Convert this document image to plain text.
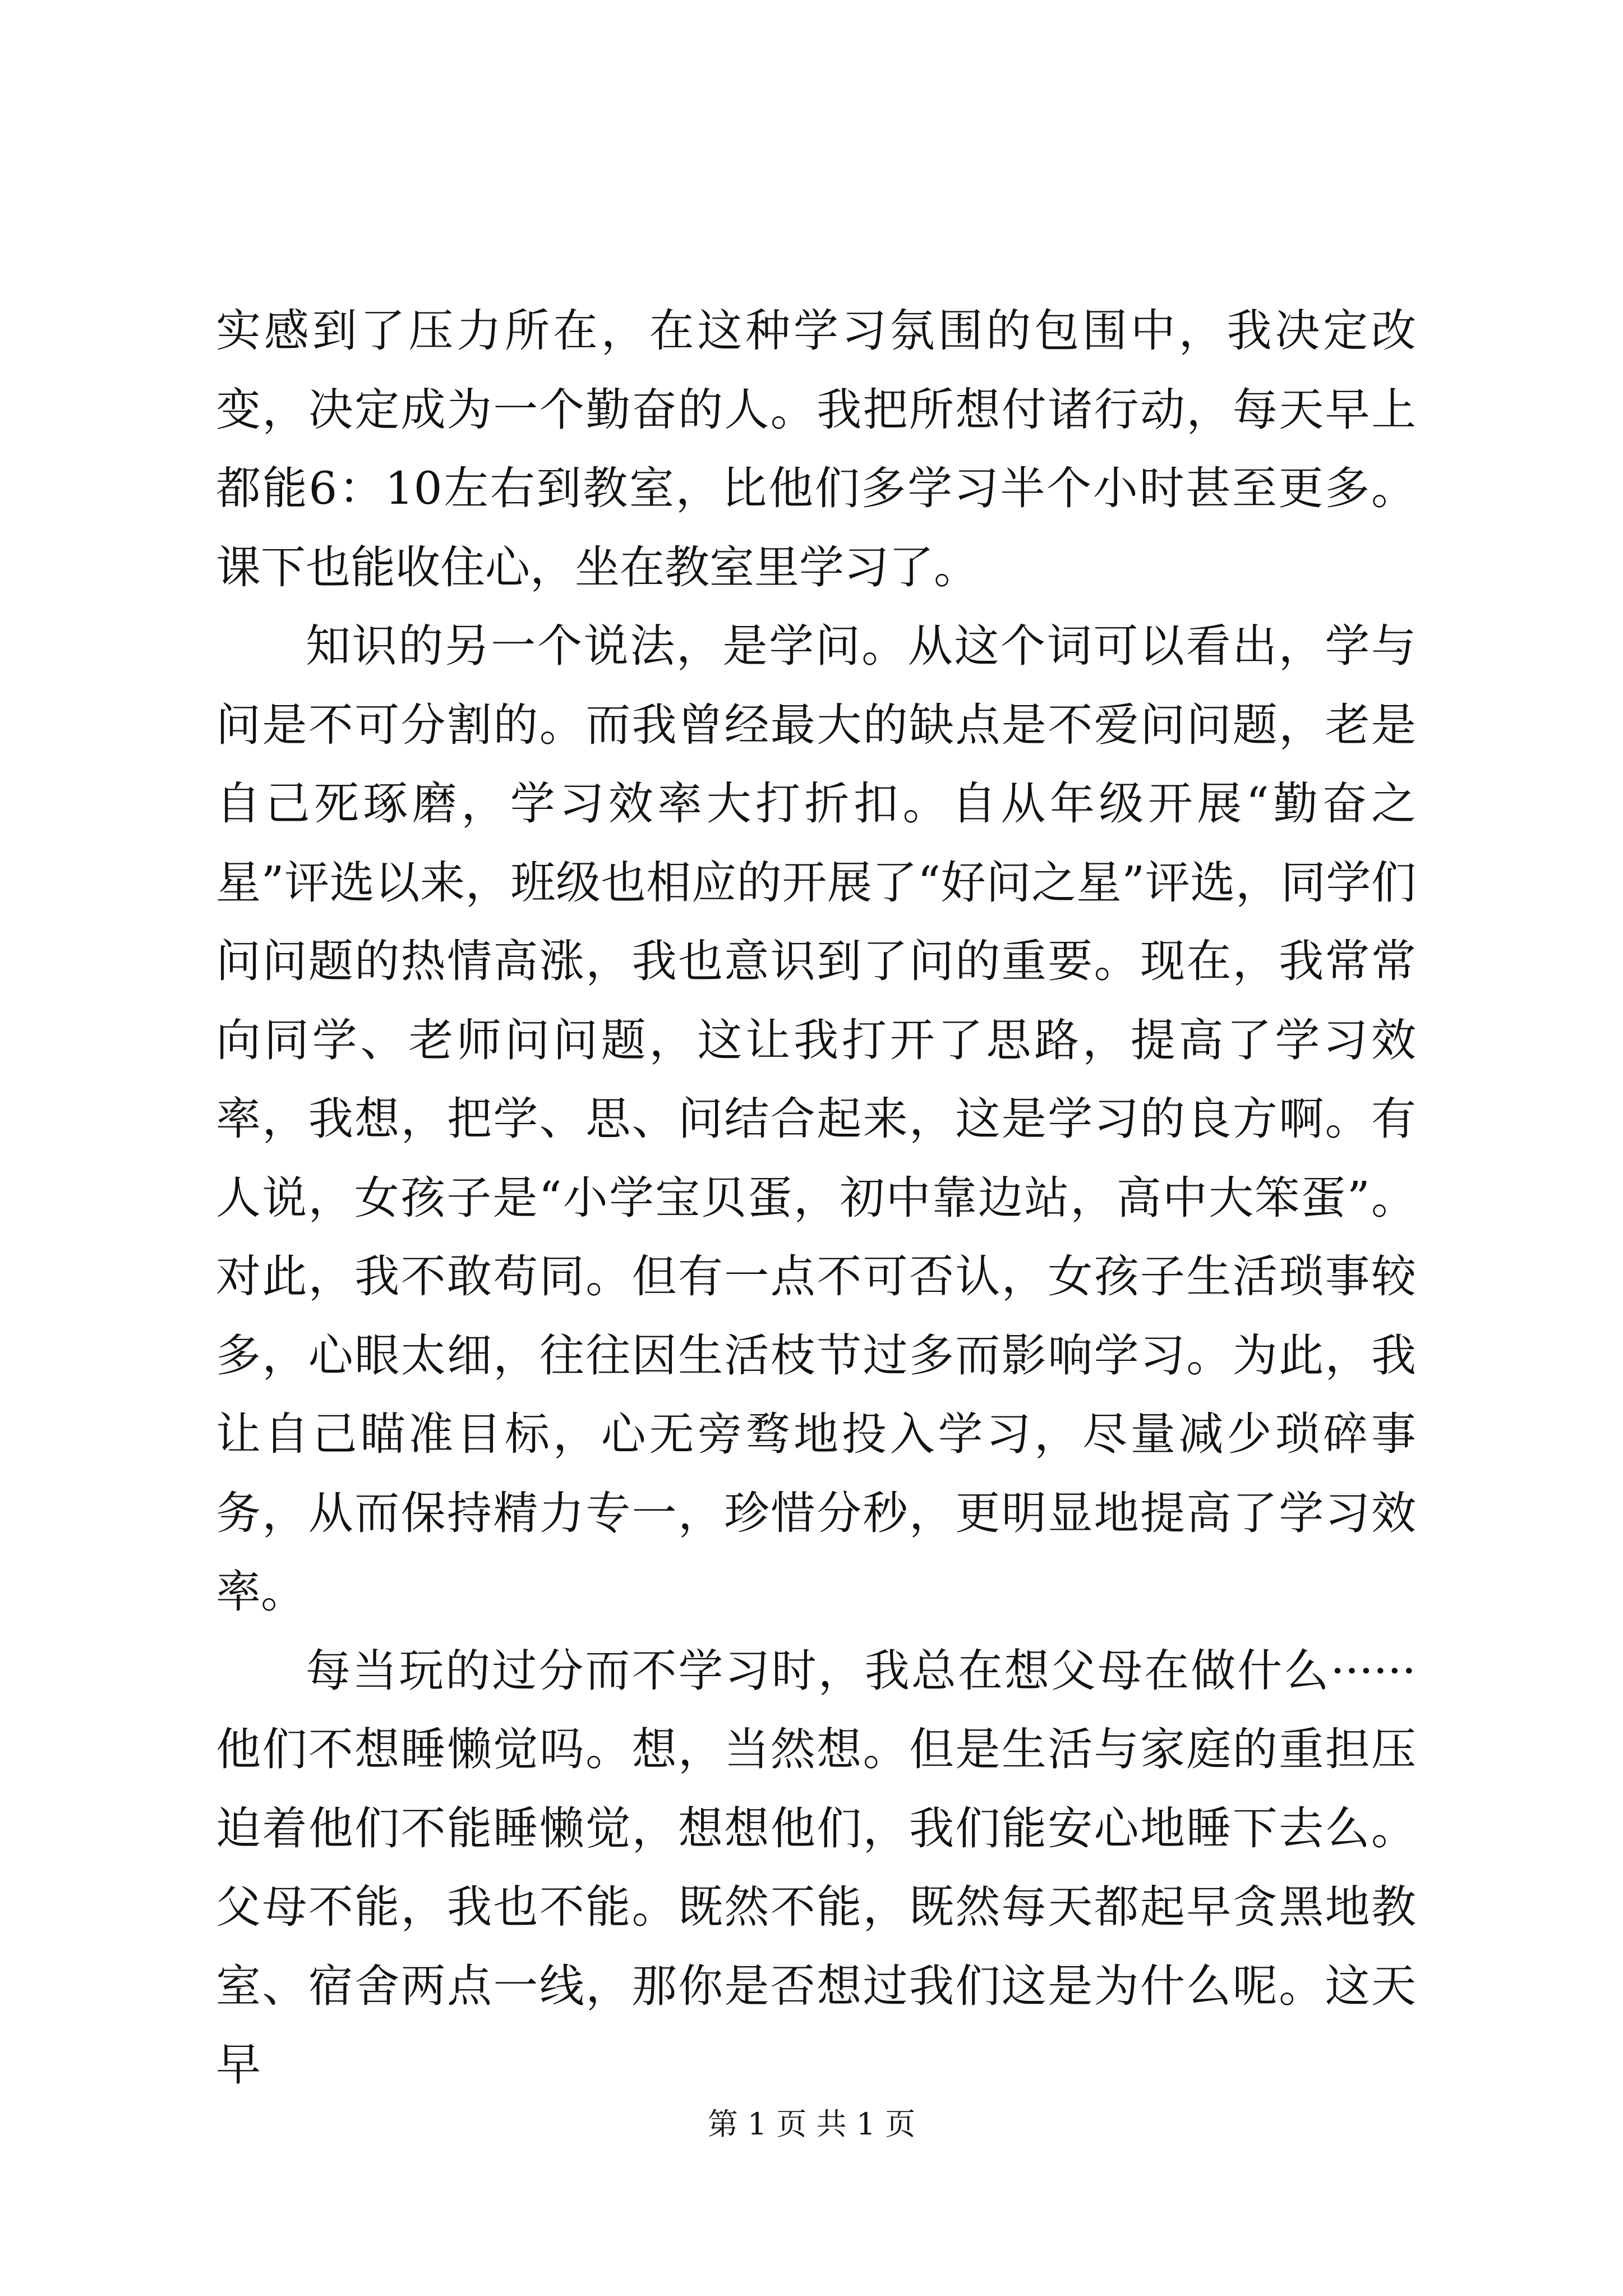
实感到了压力所在，在这种学习氛围的包围中，我决定改变，决定成为一个勤奋的人。我把所想付诸行动，每天早上都能6：10左右到教室，比他们多学习半个小时甚至更多。课下也能收住心，坐在教室里学习了。

知识的另一个说法，是学问。从这个词可以看出，学与问是不可分割的。而我曾经最大的缺点是不爱问问题，老是自己死琢磨，学习效率大打折扣。自从年级开展“勤奋之星”评选以来，班级也相应的开展了“好问之星”评选，同学们问问题的热情高涨，我也意识到了问的重要。现在，我常常向同学、老师问问题，这让我打开了思路，提高了学习效率，我想，把学、思、问结合起来，这是学习的良方啊。有人说，女孩子是“小学宝贝蛋，初中靠边站，高中大笨蛋”。对此，我不敢苟同。但有一点不可否认，女孩子生活琐事较多，心眼太细，往往因生活枝节过多而影响学习。为此，我让自己瞄准目标，心无旁骛地投入学习，尽量减少琐碎事务，从而保持精力专一，珍惜分秒，更明显地提高了学习效率。

每当玩的过分而不学习时，我总在想父母在做什么······他们不想睡懒觉吗。想，当然想。但是生活与家庭的重担压迫着他们不能睡懒觉，想想他们，我们能安心地睡下去么。父母不能，我也不能。既然不能，既然每天都起早贪黑地教室、宿舍两点一线，那你是否想过我们这是为什么呢。这天早

第 1 页 共 1 页
